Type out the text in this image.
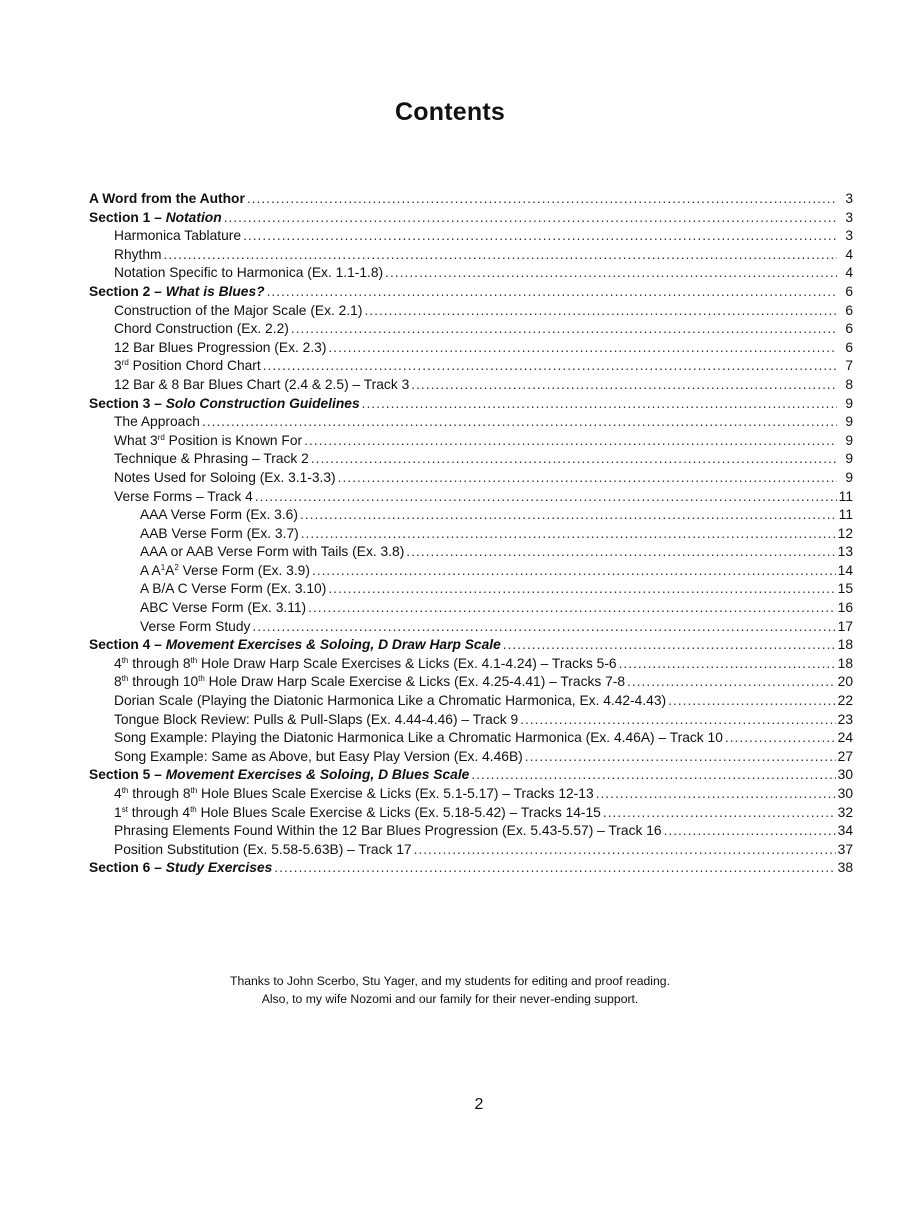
Contents
A Word from the Author .....	3
Section 1 – Notation .....	3
Harmonica Tablature .....	3
Rhythm .....	4
Notation Specific to Harmonica (Ex. 1.1-1.8) .....	4
Section 2 – What is Blues? .....	6
Construction of the Major Scale (Ex. 2.1) .....	6
Chord Construction (Ex. 2.2) .....	6
12 Bar Blues Progression (Ex. 2.3) .....	6
3rd Position Chord Chart .....	7
12 Bar & 8 Bar Blues Chart (2.4 & 2.5) – Track 3 .....	8
Section 3 – Solo Construction Guidelines .....	9
The Approach .....	9
What 3rd Position is Known For .....	9
Technique & Phrasing – Track 2 .....	9
Notes Used for Soloing (Ex. 3.1-3.3) .....	9
Verse Forms – Track 4 .....	11
AAA Verse Form (Ex. 3.6) .....	11
AAB Verse Form (Ex. 3.7) .....	12
AAA or AAB Verse Form with Tails (Ex. 3.8) .....	13
A $A^1A^2$ Verse Form (Ex. 3.9) .....	14
A B/A C Verse Form (Ex. 3.10) .....	15
ABC Verse Form (Ex. 3.11) .....	16
Verse Form Study .....	17
Section 4 – Movement Exercises & Soloing, D Draw Harp Scale .....	18
4th through 8th Hole Draw Harp Scale Exercises & Licks (Ex. 4.1-4.24) – Tracks 5-6 .....	18
8th through 10th Hole Draw Harp Scale Exercise & Licks (Ex. 4.25-4.41) – Tracks 7-8 .....	20
Dorian Scale (Playing the Diatonic Harmonica Like a Chromatic Harmonica, Ex. 4.42-4.43) .....	22
Tongue Block Review: Pulls & Pull-Slaps (Ex. 4.44-4.46) – Track 9 .....	23
Song Example: Playing the Diatonic Harmonica Like a Chromatic Harmonica (Ex. 4.46A) – Track 10 .....	24
Song Example: Same as Above, but Easy Play Version (Ex. 4.46B) .....	27
Section 5 – Movement Exercises & Soloing, D Blues Scale .....	30
4th through 8th Hole Blues Scale Exercise & Licks (Ex. 5.1-5.17) – Tracks 12-13 .....	30
1st through 4th Hole Blues Scale Exercise & Licks (Ex. 5.18-5.42) – Tracks 14-15 .....	32
Phrasing Elements Found Within the 12 Bar Blues Progression (Ex. 5.43-5.57) – Track 16 .....	34
Position Substitution (Ex. 5.58-5.63B) – Track 17 .....	37
Section 6 – Study Exercises .....	38

Thanks to John Scerbo, Stu Yager, and my students for editing and proof reading.

Also, to my wife Nozomi and our family for their never-ending support.

2
